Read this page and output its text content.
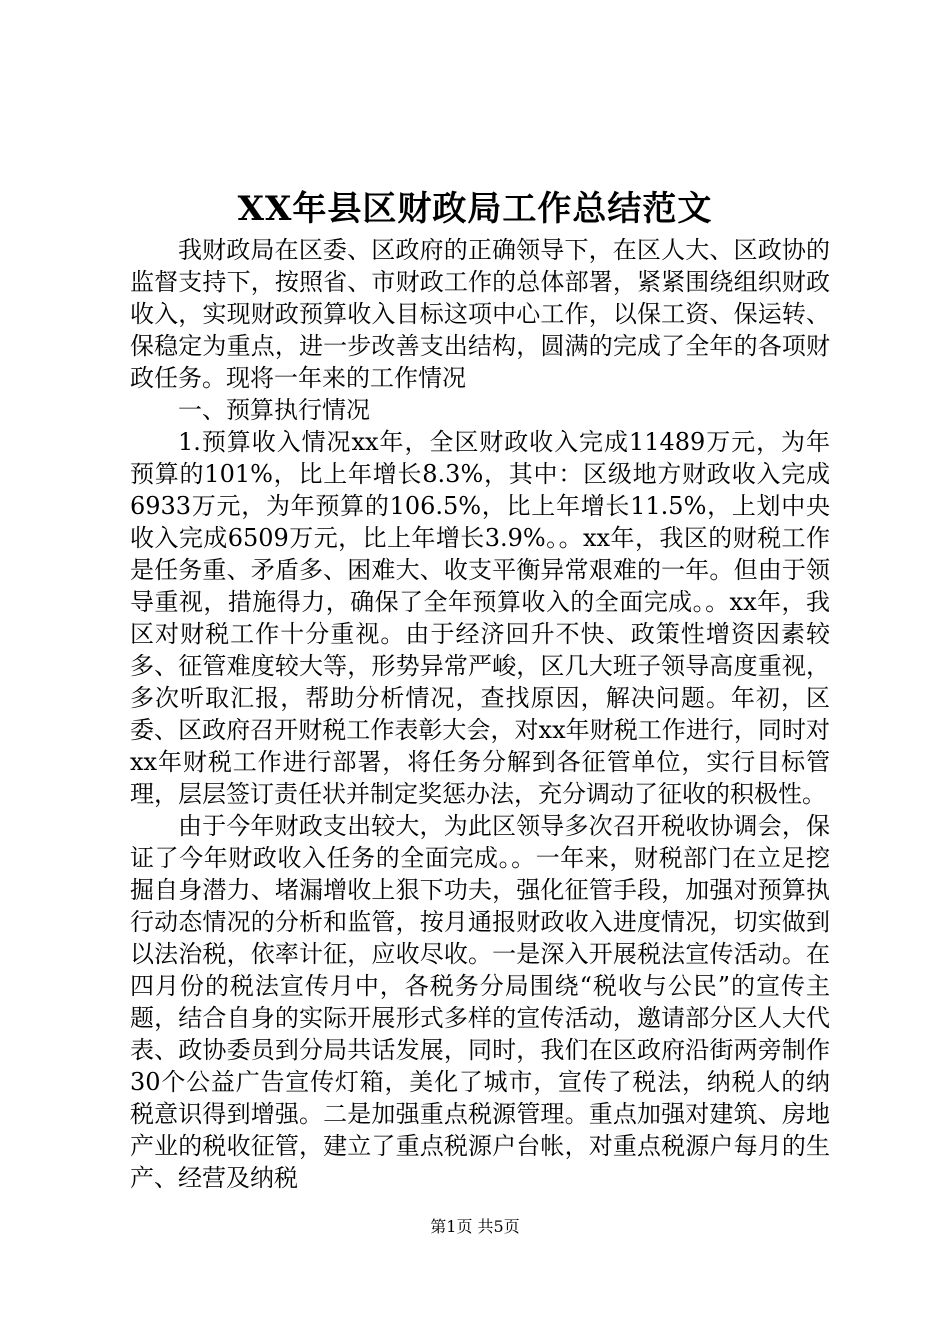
XX年县区财政局工作总结范文

我财政局在区委、区政府的正确领导下，在区人大、区政协的监督支持下，按照省、市财政工作的总体部署，紧紧围绕组织财政收入，实现财政预算收入目标这项中心工作，以保工资、保运转、保稳定为重点，进一步改善支出结构，圆满的完成了全年的各项财政任务。现将一年来的工作情况

一、预算执行情况

1.预算收入情况xx年，全区财政收入完成11489万元，为年预算的101%，比上年增长8.3%，其中：区级地方财政收入完成6933万元，为年预算的106.5%，比上年增长11.5%，上划中央收入完成6509万元，比上年增长3.9%。。xx年，我区的财税工作是任务重、矛盾多、困难大、收支平衡异常艰难的一年。但由于领导重视，措施得力，确保了全年预算收入的全面完成。。xx年，我区对财税工作十分重视。由于经济回升不快、政策性增资因素较多、征管难度较大等，形势异常严峻，区几大班子领导高度重视，多次听取汇报，帮助分析情况，查找原因，解决问题。年初，区委、区政府召开财税工作表彰大会，对xx年财税工作进行，同时对xx年财税工作进行部署，将任务分解到各征管单位，实行目标管理，层层签订责任状并制定奖惩办法，充分调动了征收的积极性。

由于今年财政支出较大，为此区领导多次召开税收协调会，保证了今年财政收入任务的全面完成。。一年来，财税部门在立足挖掘自身潜力、堵漏增收上狠下功夫，强化征管手段，加强对预算执行动态情况的分析和监管，按月通报财政收入进度情况，切实做到以法治税，依率计征，应收尽收。一是深入开展税法宣传活动。在四月份的税法宣传月中，各税务分局围绕“税收与公民”的宣传主题，结合自身的实际开展形式多样的宣传活动，邀请部分区人大代表、政协委员到分局共话发展，同时，我们在区政府沿街两旁制作30个公益广告宣传灯箱，美化了城市，宣传了税法，纳税人的纳税意识得到增强。二是加强重点税源管理。重点加强对建筑、房地产业的税收征管，建立了重点税源户台帐，对重点税源户每月的生产、经营及纳税

第1页 共5页
